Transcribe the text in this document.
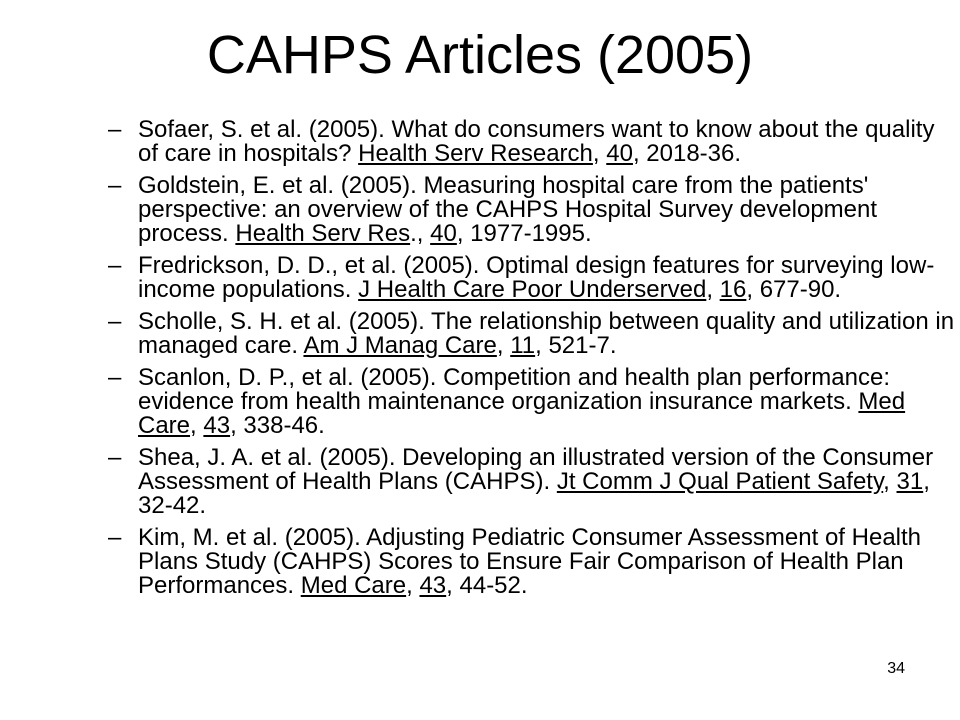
CAHPS Articles (2005)
– Sofaer, S. et al. (2005). What do consumers want to know about the quality of care in hospitals? Health Serv Research, 40, 2018-36.
– Goldstein, E. et al. (2005). Measuring hospital care from the patients' perspective: an overview of the CAHPS Hospital Survey development process. Health Serv Res., 40, 1977-1995.
– Fredrickson, D. D., et al. (2005). Optimal design features for surveying low-income populations. J Health Care Poor Underserved, 16, 677-90.
– Scholle, S. H. et al. (2005). The relationship between quality and utilization in managed care. Am J Manag Care, 11, 521-7.
– Scanlon, D. P., et al. (2005). Competition and health plan performance: evidence from health maintenance organization insurance markets. Med Care, 43, 338-46.
– Shea, J. A. et al. (2005). Developing an illustrated version of the Consumer Assessment of Health Plans (CAHPS). Jt Comm J Qual Patient Safety, 31, 32-42.
– Kim, M. et al. (2005). Adjusting Pediatric Consumer Assessment of Health Plans Study (CAHPS) Scores to Ensure Fair Comparison of Health Plan Performances. Med Care, 43, 44-52.
34
